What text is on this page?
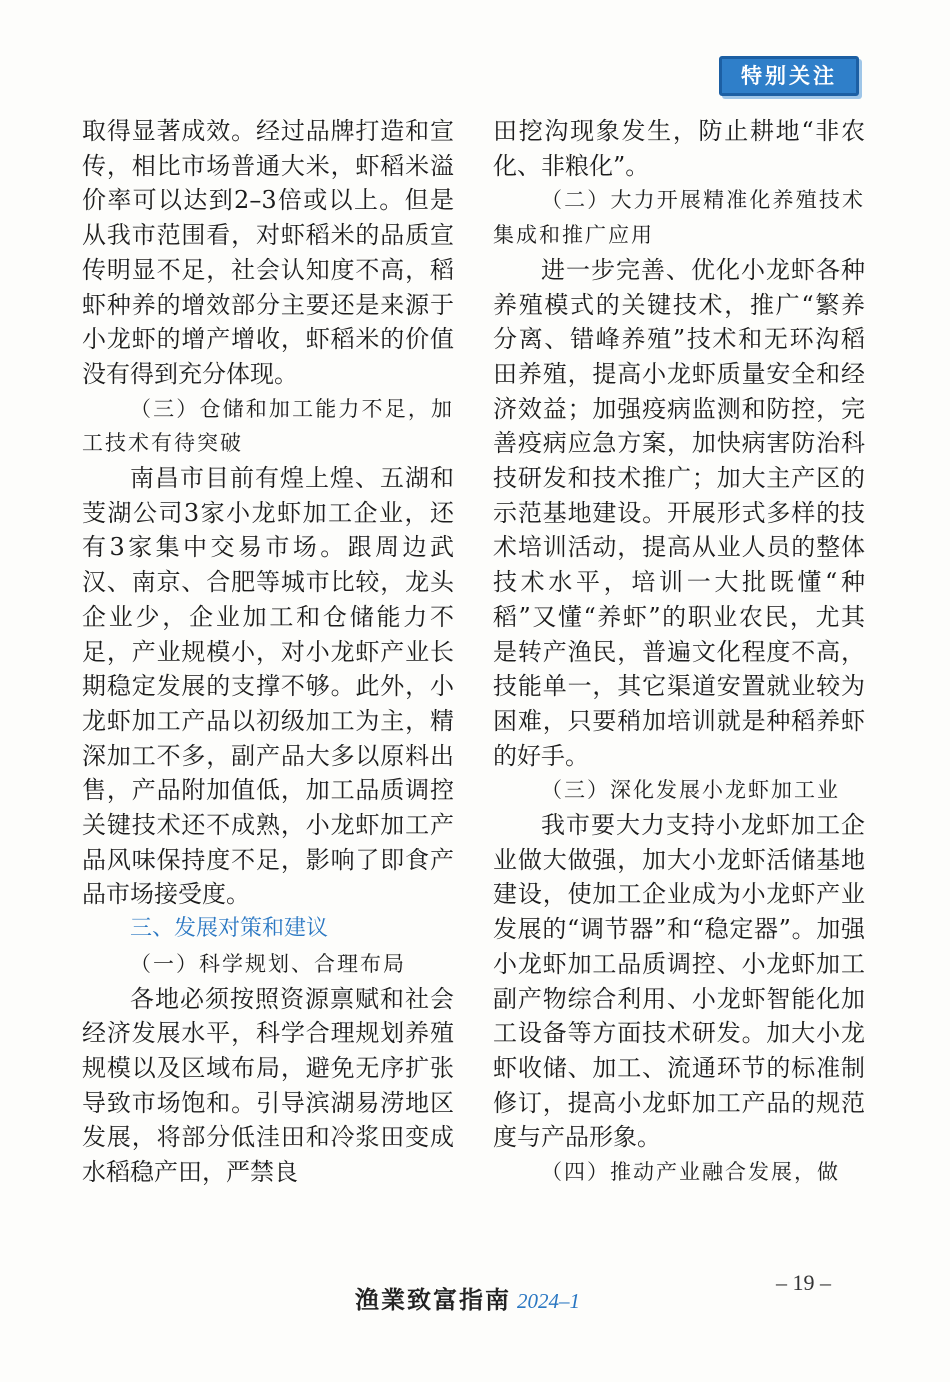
特别关注

取得显著成效。经过品牌打造和宣传，相比市场普通大米，虾稻米溢价率可以达到2–3倍或以上。但是从我市范围看，对虾稻米的品质宣传明显不足，社会认知度不高，稻虾种养的增效部分主要还是来源于小龙虾的增产增收，虾稻米的价值没有得到充分体现。

（三）仓储和加工能力不足，加工技术有待突破

南昌市目前有煌上煌、五湖和芰湖公司3家小龙虾加工企业，还有3家集中交易市场。跟周边武汉、南京、合肥等城市比较，龙头企业少，企业加工和仓储能力不足，产业规模小，对小龙虾产业长期稳定发展的支撑不够。此外，小龙虾加工产品以初级加工为主，精深加工不多，副产品大多以原料出售，产品附加值低，加工品质调控关键技术还不成熟，小龙虾加工产品风味保持度不足，影响了即食产品市场接受度。

三、发展对策和建议

（一）科学规划、合理布局

各地必须按照资源禀赋和社会经济发展水平，科学合理规划养殖规模以及区域布局，避免无序扩张导致市场饱和。引导滨湖易涝地区发展，将部分低洼田和冷浆田变成水稻稳产田，严禁良

田挖沟现象发生，防止耕地“非农化、非粮化”。

（二）大力开展精准化养殖技术集成和推广应用

进一步完善、优化小龙虾各种养殖模式的关键技术，推广“繁养分离、错峰养殖”技术和无环沟稻田养殖，提高小龙虾质量安全和经济效益；加强疫病监测和防控，完善疫病应急方案，加快病害防治科技研发和技术推广；加大主产区的示范基地建设。开展形式多样的技术培训活动，提高从业人员的整体技术水平，培训一大批既懂“种稻”又懂“养虾”的职业农民，尤其是转产渔民，普遍文化程度不高，技能单一，其它渠道安置就业较为困难，只要稍加培训就是种稻养虾的好手。

（三）深化发展小龙虾加工业

我市要大力支持小龙虾加工企业做大做强，加大小龙虾活储基地建设，使加工企业成为小龙虾产业发展的“调节器”和“稳定器”。加强小龙虾加工品质调控、小龙虾加工副产物综合利用、小龙虾智能化加工设备等方面技术研发。加大小龙虾收储、加工、流通环节的标准制修订，提高小龙虾加工产品的规范度与产品形象。

（四）推动产业融合发展，做

渔業致富指南 2024–1
– 19 –
